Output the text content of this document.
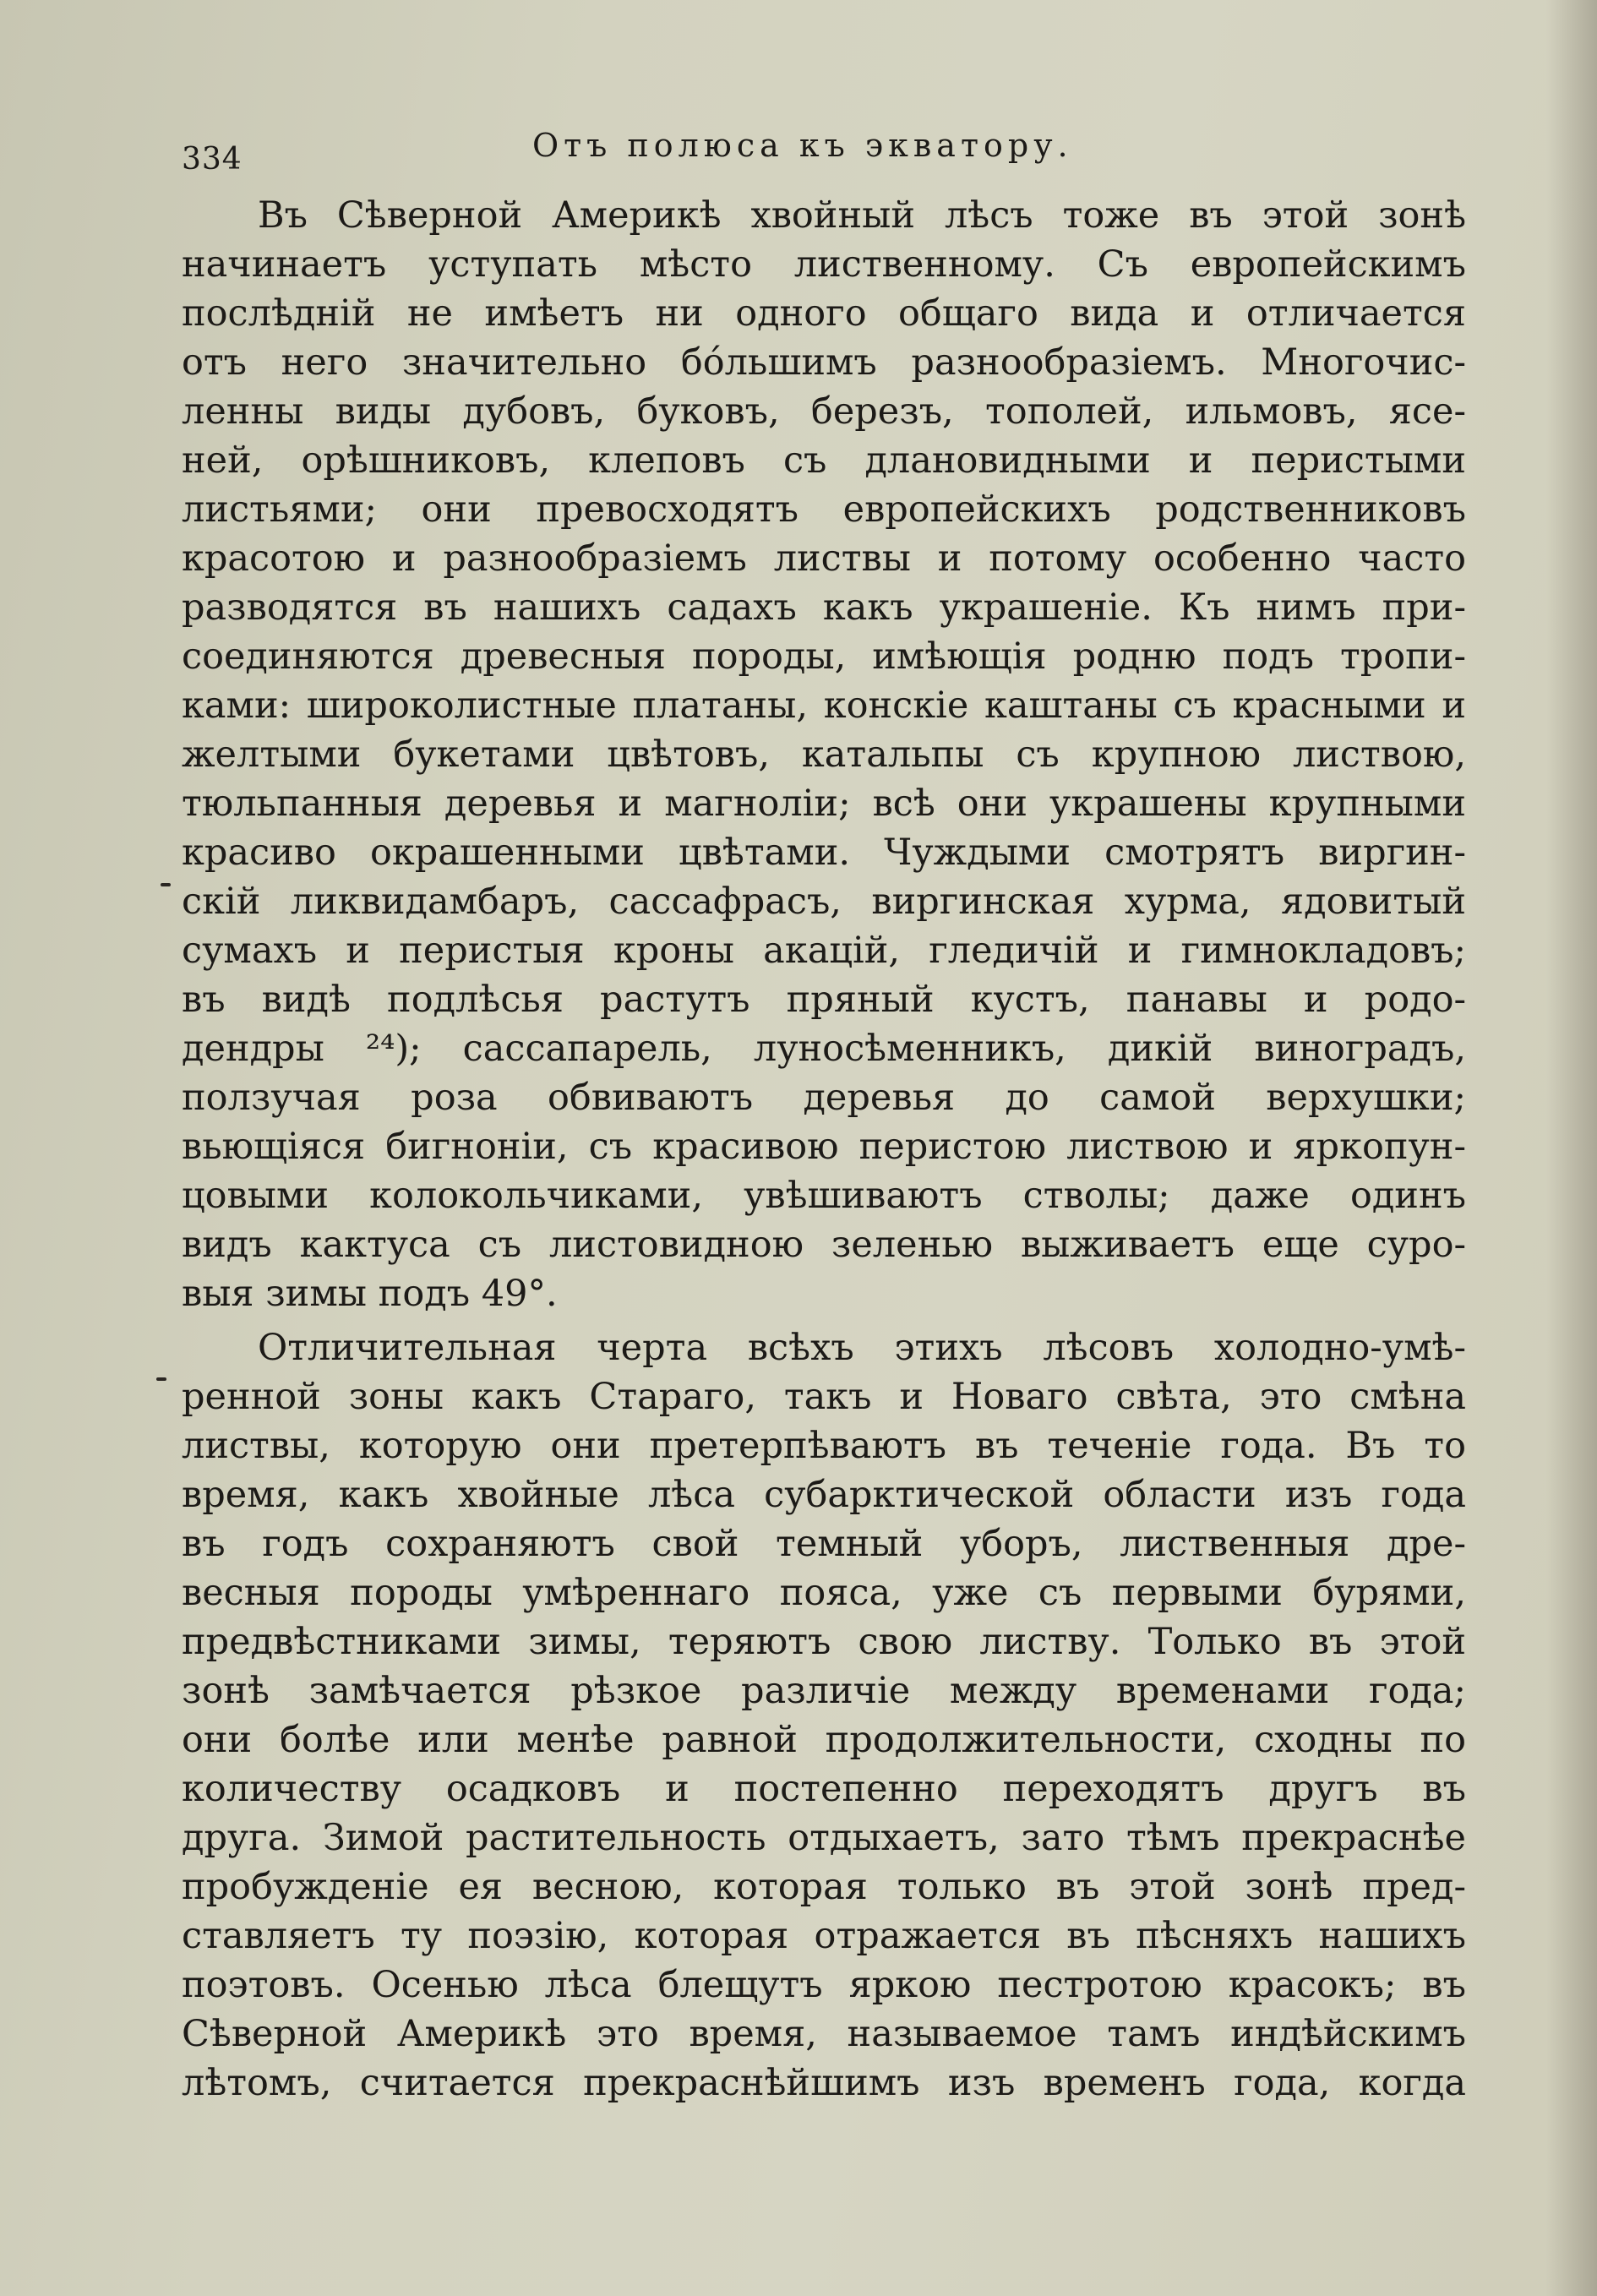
334	Отъ полюса къ экватору.
Въ Сѣверной Америкѣ хвойный лѣсъ тоже въ этой зонѣ
начинаетъ уступать мѣсто лиственному. Съ европейскимъ
послѣдній не имѣетъ ни одного общаго вида и отличается
отъ него значительно бóльшимъ разнообразіемъ. Многочис-
ленны виды дубовъ, буковъ, березъ, тополей, ильмовъ, ясе-
ней, орѣшниковъ, клеповъ съ длановидными и перистыми
листьями; они превосходятъ европейскихъ родственниковъ
красотою и разнообразіемъ листвы и потому особенно часто
разводятся въ нашихъ садахъ какъ украшеніе. Къ нимъ при-
соединяются древесныя породы, имѣющія родню подъ тропи-
ками: широколистные платаны, конскіе каштаны съ красными и
желтыми букетами цвѣтовъ, катальпы съ крупною листвою,
тюльпанныя деревья и магноліи; всѣ они украшены крупными
красиво окрашенными цвѣтами. Чуждыми смотрятъ виргин-
скій ликвидамбаръ, сассафрасъ, виргинская хурма, ядовитый
сумахъ и перистыя кроны акацій, гледичій и гимнокладовъ;
въ видѣ подлѣсья растутъ пряный кустъ, панавы и родо-
дендры ²⁴); сассапарель, луносѣменникъ, дикій виноградъ,
ползучая роза обвиваютъ деревья до самой верхушки;
вьющіяся бигноніи, съ красивою перистою листвою и яркопун-
цовыми колокольчиками, увѣшиваютъ стволы; даже одинъ
видъ кактуса съ листовидною зеленью выживаетъ еще суро-
выя зимы подъ 49°.
Отличительная черта всѣхъ этихъ лѣсовъ холодно-умѣ-
ренной зоны какъ Стараго, такъ и Новаго свѣта, это смѣна
листвы, которую они претерпѣваютъ въ теченіе года. Въ то
время, какъ хвойные лѣса субарктической области изъ года
въ годъ сохраняютъ свой темный уборъ, лиственныя дре-
весныя породы умѣреннаго пояса, уже съ первыми бурями,
предвѣстниками зимы, теряютъ свою листву. Только въ этой
зонѣ замѣчается рѣзкое различіе между временами года;
они болѣе или менѣе равной продолжительности, сходны по
количеству осадковъ и постепенно переходятъ другъ въ
друга. Зимой растительность отдыхаетъ, зато тѣмъ прекраснѣе
пробужденіе ея весною, которая только въ этой зонѣ пред-
ставляетъ ту поэзію, которая отражается въ пѣсняхъ нашихъ
поэтовъ. Осенью лѣса блещутъ яркою пестротою красокъ; въ
Сѣверной Америкѣ это время, называемое тамъ индѣйскимъ
лѣтомъ, считается прекраснѣйшимъ изъ временъ года, когда
